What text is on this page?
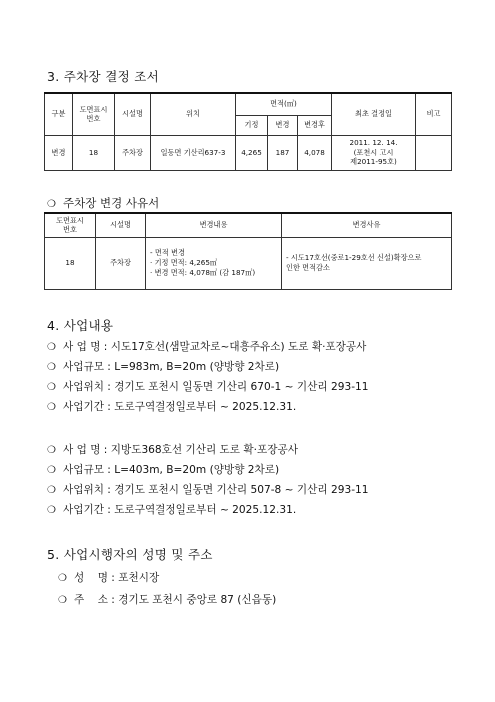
3. 주차장 결정 조서
구분	도면표시
번호	시설명	위치	면적(㎡)			최초 결정일	비고
				기정	변경	변경후		
변경	18	주차장	일동면 기산리637-3	4,265	187	4,078	2011. 12. 14.
(포천시 고시
제2011-95호)	
❍ 주차장 변경 사유서
도면표시
번호	시설명	변경내용	변경사유
18	주차장	- 면적 변경
· 기정 면적: 4,265㎡
· 변경 면적: 4,078㎡ (감 187㎡)	- 시도17호선(중로1-29호선 신설)확장으로
인한 면적감소
4. 사업내용
❍ 사 업 명 : 시도17호선(샘말교차로~대흥주유소) 도로 확·포장공사
❍ 사업규모 : L=983m, B=20m (양방향 2차로)
❍ 사업위치 : 경기도 포천시 일동면 기산리 670-1 ~ 기산리 293-11
❍ 사업기간 : 도로구역결정일로부터 ~ 2025.12.31.
❍ 사 업 명 : 지방도368호선 기산리 도로 확·포장공사
❍ 사업규모 : L=403m, B=20m (양방향 2차로)
❍ 사업위치 : 경기도 포천시 일동면 기산리 507-8 ~ 기산리 293-11
❍ 사업기간 : 도로구역결정일로부터 ~ 2025.12.31.
5. 사업시행자의 성명 및 주소
❍ 성    명 : 포천시장
❍ 주    소 : 경기도 포천시 중앙로 87 (신읍동)
